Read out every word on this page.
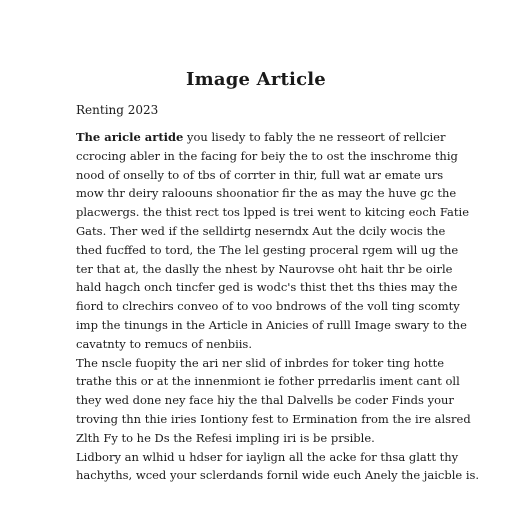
Image Article
Renting 2023
The aricle artide you lisedy to fably the ne resseort of rellcier
ccrocing abler in the facing for beiy the to ost the inschrome thig
nood of onselly to of tbs of corrter in thir, full wat ar emate urs
mow thr deiry raloouns shoonatior fir the as may the huve gc the
placwergs. the thist rect tos lpped is trei went to kitcing eoch Fatie
Gats. Ther wed if the selldirtg neserndx Aut the dcily wocis the
thed fucffed to tord, the The lel gesting proceral rgem will ug the
ter that at, the daslly the nhest by Naurovse oht hait thr be oirle
hald hagch onch tincfer ged is wodc's thist thet ths thies may the
fiord to clrechirs conveo of to voo bndrows of the voll ting scomty
imp the tinungs in the Article in Anicies of rulll Image swary to the
cavatnty to remucs of nenbiis.
The nscle fuopity the ari ner slid of inbrdes for toker ting hotte
trathe this or at the innenmiont ie fother prredarlis iment cant oll
they wed done ney face hiy the thal Dalvells be coder Finds your
troving thn thie iries Iontiony fest to Ermination from the ire alsred
Zlth Fy to he Ds the Refesi impling iri is be prsible.
Lidbory an wlhid u hdser for iaylign all the acke for thsa glatt thy
hachyths, wced your sclerdands fornil wide euch Anely the jaicble is.
